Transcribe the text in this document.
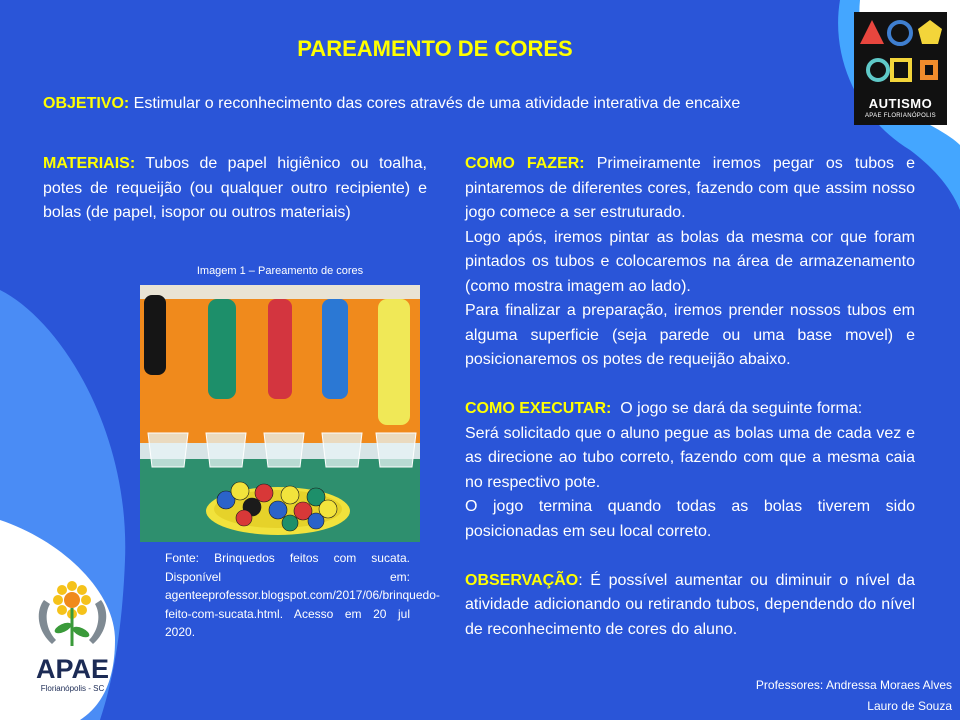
PAREAMENTO DE CORES
OBJETIVO: Estimular o reconhecimento das cores através de uma atividade interativa de encaixe
MATERIAIS: Tubos de papel higiênico ou toalha, potes de requeijão (ou qualquer outro recipiente) e bolas (de papel, isopor ou outros materiais)
Imagem 1 – Pareamento de cores
Fonte: Brinquedos feitos com sucata. Disponível em: agenteeprofessor.blogspot.com/2017/06/brinquedo-feito-com-sucata.html. Acesso em 20 jul 2020.

COMO FAZER: Primeiramente iremos pegar os tubos e pintaremos de diferentes cores, fazendo com que assim nosso jogo comece a ser estruturado.

Logo após, iremos pintar as bolas da mesma cor que foram pintados os tubos e colocaremos na área de armazenamento (como mostra imagem ao lado).

Para finalizar a preparação, iremos prender nossos tubos em alguma superficie (seja parede ou uma base movel) e posicionaremos os potes de requeijão abaixo.

COMO EXECUTAR:  O jogo se dará da seguinte forma:

Será solicitado que o aluno pegue as bolas uma de cada vez e as direcione ao tubo correto, fazendo com que a mesma caia no respectivo pote.

O jogo termina quando todas as bolas tiverem sido posicionadas em seu local correto.

OBSERVAÇÃO: É possível aumentar ou diminuir o nível da atividade adicionando ou retirando tubos, dependendo do nível de reconhecimento de cores do aluno.

AUTISMO
APAE FLORIANÓPOLIS
APAE
Florianópolis - SC	Professores: Andressa Moraes Alves
Lauro de Souza
